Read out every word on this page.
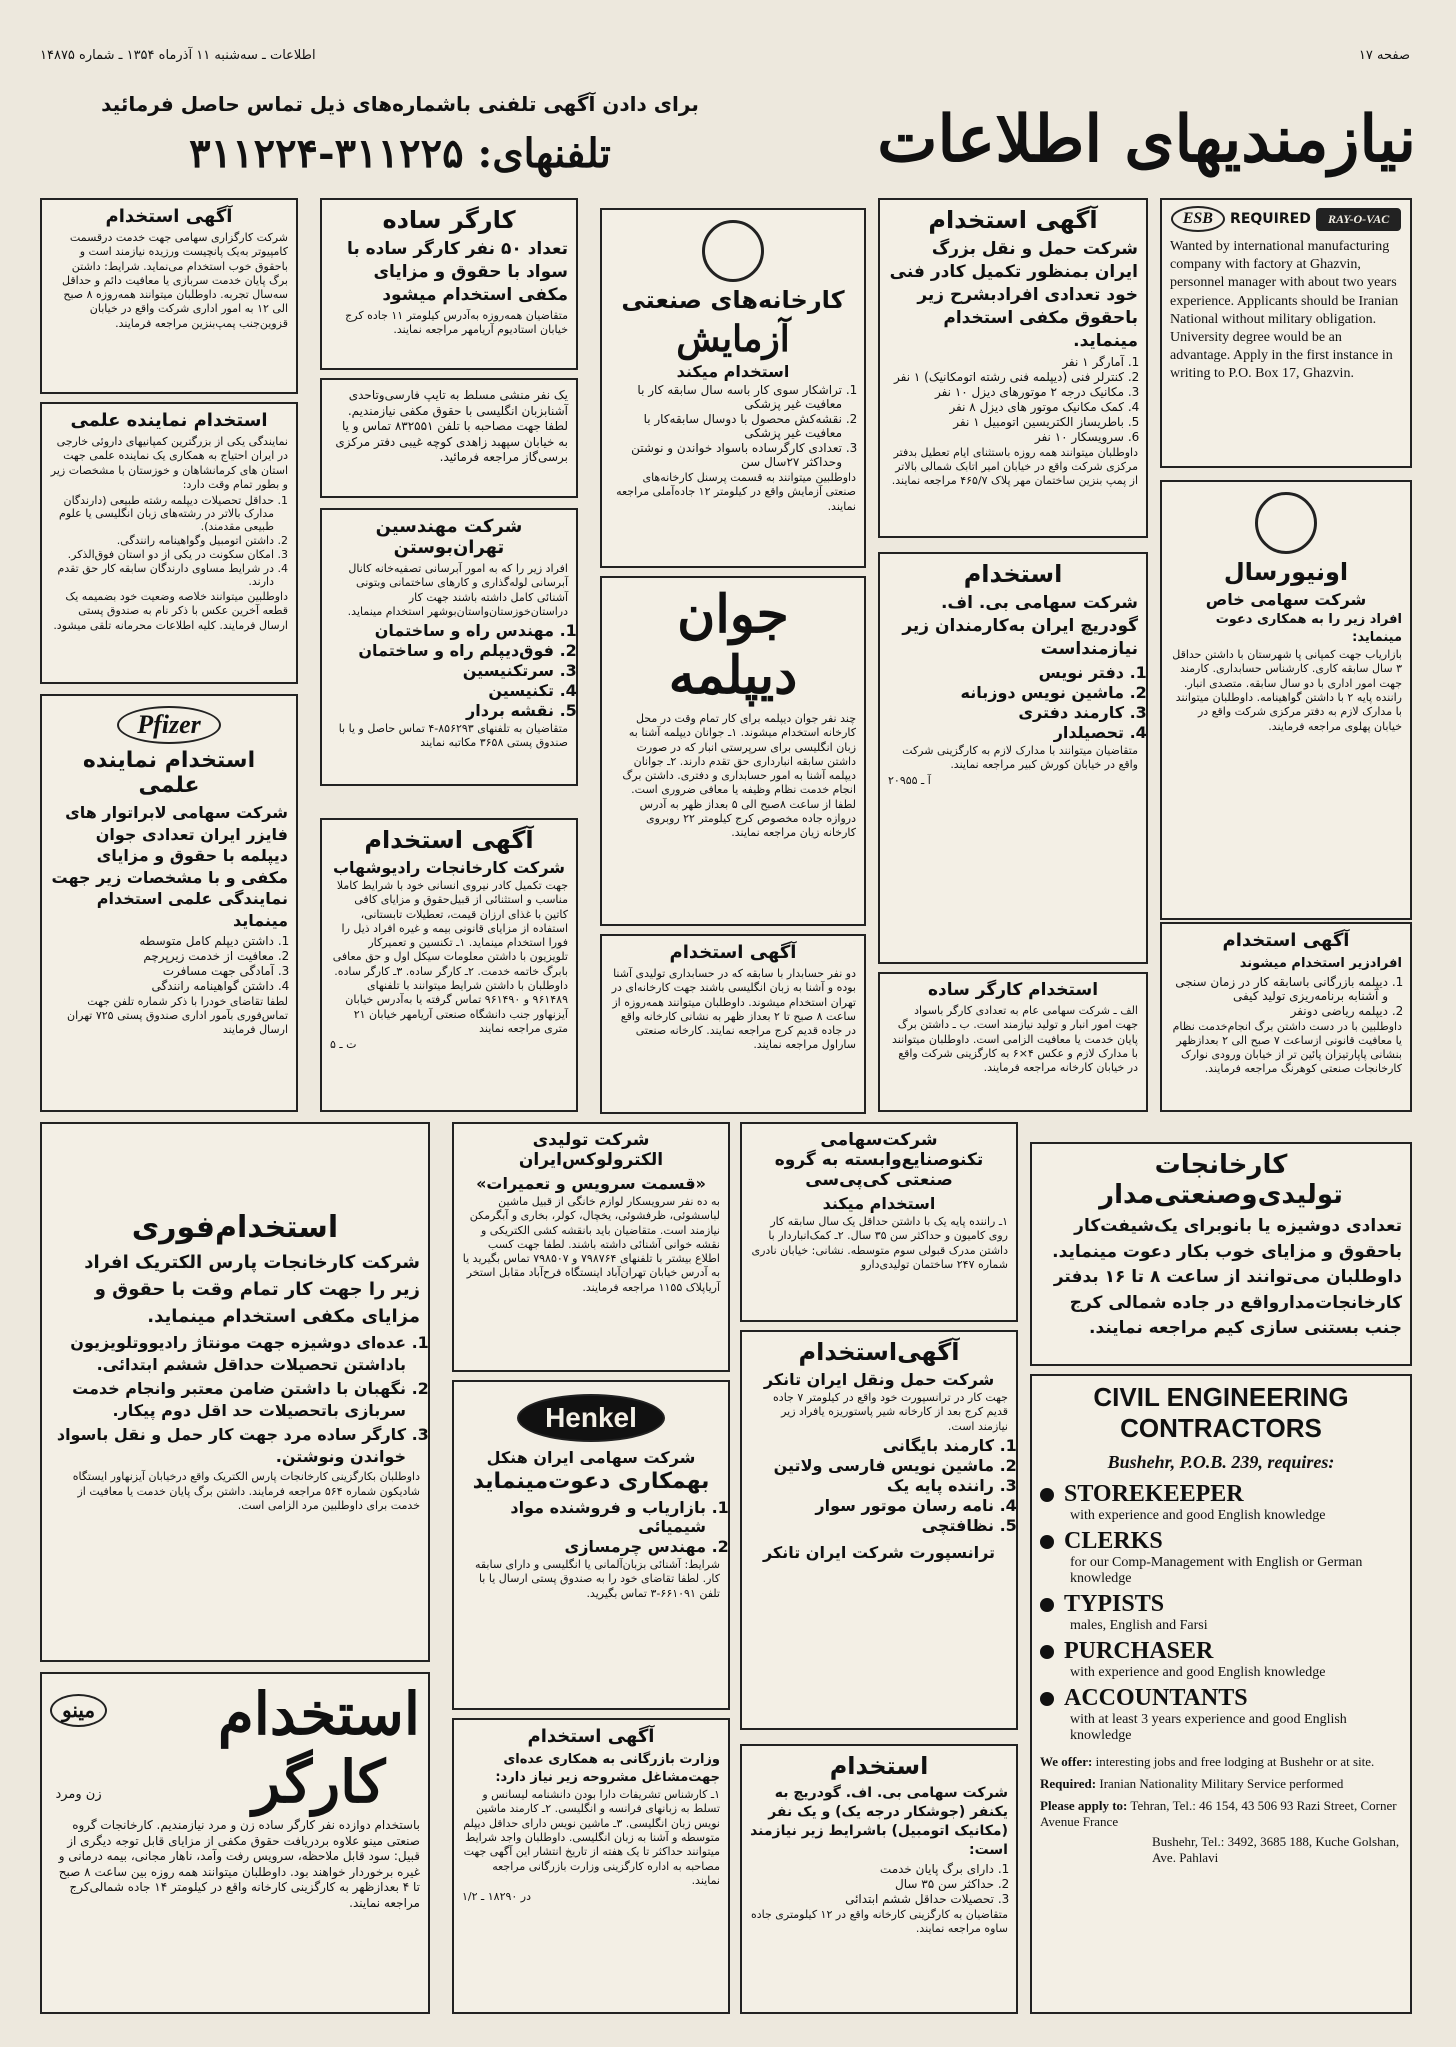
صفحه ۱۷
اطلاعات ـ سه‌شنبه ۱۱ آذرماه ۱۳۵۴ ـ شماره ۱۴۸۷۵
نیازمندیهای اطلاعات
برای دادن آگهی تلفنی باشماره‌های ذیل تماس حاصل فرمائید
تلفنهای: ۳۱۱۲۲۵-۳۱۱۲۲۴
ESB REQUIRED RAY-O-VAC

Wanted by international manufacturing company with factory at Ghazvin, personnel manager with about two years experience. Applicants should be Iranian National without military obligation. University degree would be an advantage. Apply in the first instance in writing to P.O. Box 17, Ghazvin.

اونیورسال
شرکت سهامی خاص

افراد زیر را به همکاری دعوت مینماید:

بازاریاب جهت کمپانی پا شهرستان با داشتن حداقل ۳ سال سابقه کاری. کارشناس حسابداری. کارمند جهت امور اداری با دو سال سابقه. متصدی انبار. راننده پایه ۲ با داشتن گواهینامه. داوطلبان میتوانند با مدارک لازم به دفتر مرکزی شرکت واقع در خیابان پهلوی مراجعه فرمایند.

آگهی استخدام

افرادزیر استخدام میشوند

1. دیپلمه بازرگانی باسابقه کار در زمان سنجی و آشنابه برنامه‌ریزی تولید کیفی
2. دیپلمه ریاضی دونفر

داوطلبین با در دست داشتن برگ انجام‌خدمت نظام یا معافیت قانونی ازساعت ۷ صبح الی ۲ بعدازظهر بنشانی پاپارتیزان پائین تر از خیابان ورودی نوارک کارخانجات صنعتی کوهرنگ مراجعه فرمایند.

آگهی استخدام

شرکت حمل و نقل بزرگ ایران بمنظور تکمیل کادر فنی خود تعدادی افرادبشرح زیر باحقوق مکفی استخدام مینماید.

1. آمارگر ۱ نفر
2. کنترلر فنی (دیپلمه فنی رشته اتومکانیک) ۱ نفر
3. مکانیک درجه ۲ موتورهای دیزل ۱۰ نفر
4. کمک مکانیک موتور های دیزل ۸ نفر
5. باطریساز الکتریسین اتومبیل ۱ نفر
6. سرویسکار ۱۰ نفر

داوطلبان میتوانند همه روزه باستثنای ایام تعطیل بدفتر مرکزی شرکت واقع در خیابان امیر اتابک شمالی بالاتر از پمپ بنزین ساختمان مهر پلاک ۴۶۵/۷ مراجعه نمایند.

استخدام

شرکت سهامی بی. اف. گودریچ ایران به‌کارمندان زیر نیازمنداست

1. دفتر نویس
2. ماشین نویس دوزبانه
3. کارمند دفتری
4. تحصیلدار

متقاضیان میتوانند با مدارک لازم به کارگزینی شرکت واقع در خیابان کورش کبیر مراجعه نمایند.

آ ـ ۲۰۹۵۵

استخدام کارگر ساده

الف ـ شرکت سهامی عام به تعدادی کارگر باسواد جهت امور انبار و تولید نیازمند است. ب ـ داشتن برگ پایان خدمت یا معافیت الزامی است. داوطلبان میتوانند با مدارک لازم و عکس ۴×۶ به کارگزینی شرکت واقع در خیابان کارخانه مراجعه فرمایند.

کارخانه‌های صنعتی
آزمایش
استخدام میکند
1. تراشکار سوی کار باسه سال سابقه کار با معافیت غیر پزشکی
2. نقشه‌کش محصول با دوسال سابقه‌کار با معافیت غیر پزشکی
3. تعدادی کارگرساده باسواد خواندن و نوشتن وحداکثر ۲۷سال سن

داوطلبین میتوانند به قسمت پرسنل کارخانه‌های صنعتی آزمایش واقع در کیلومتر ۱۲ جاده‌آملی مراجعه نمایند.

جوان
دیپلمه

چند نفر جوان دیپلمه برای کار تمام وقت در محل کارخانه استخدام میشوند. ۱ـ جوانان دیپلمه آشنا به زبان انگلیسی برای سرپرستی انبار که در صورت داشتن سابقه انبارداری حق تقدم دارند. ۲ـ جوانان دیپلمه آشنا به امور حسابداری و دفتری. داشتن برگ انجام خدمت نظام وظیفه یا معافی ضروری است. لطفا از ساعت ۸صبح الی ۵ بعداز ظهر به آدرس دروازه جاده مخصوص کرج کیلومتر ۲۲ روبروی کارخانه زیان مراجعه نمایند.

آگهی استخدام

دو نفر حسابدار با سابقه که در حسابداری تولیدی آشنا بوده و آشنا به زبان انگلیسی باشند جهت کارخانه‌ای در تهران استخدام میشوند. داوطلبان میتوانند همه‌روزه از ساعت ۸ صبح تا ۲ بعداز ظهر به نشانی کارخانه واقع در جاده قدیم کرج مراجعه نمایند. کارخانه صنعتی ساراول مراجعه نمایند.

کارگر ساده

تعداد ۵۰ نفر کارگر ساده با سواد با حقوق و مزایای مکفی استخدام میشود

متقاضیان همه‌روزه به‌آدرس کیلومتر ۱۱ جاده کرج خیابان استادیوم آریامهر مراجعه نمایند.

یک نفر منشی مسلط به تایپ فارسی‌وتاحدی آشنابزبان انگلیسی با حقوق مکفی نیازمندیم. لطفا جهت مصاحبه با تلفن ۸۳۲۵۵۱ تماس و یا به خیابان سپهبد زاهدی کوچه غیبی دفتر مرکزی برسی‌گاز مراجعه فرمائید.

شرکت مهندسین تهران‌بوستن

افراد زیر را که به امور آبرسانی تصفیه‌خانه کانال آبرسانی لوله‌گذاری و کارهای ساختمانی وبتونی آشنائی کامل داشته باشند جهت کار دراستان‌خوزستان‌واستان‌بوشهر استخدام مینماید.

1. مهندس راه و ساختمان
2. فوق‌دیپلم راه و ساختمان
3. سرتکنیسین
4. تکنیسین
5. نقشه بردار

متقاضیان به تلفنهای ۸۵۶۲۹۳-۴ تماس حاصل و یا با صندوق پستی ۳۶۵۸ مکاتبه نمایند

آگهی استخدام
شرکت کارخانجات رادیوشهاب

جهت تکمیل کادر نیروی انسانی خود با شرایط کاملا مناسب و استثنائی از قبیل‌حقوق و مزایای کافی کاتین با غذای ارزان قیمت، تعطیلات تابستانی، استفاده از مزایای قانونی بیمه و غیره افراد ذیل را فورا استخدام مینماید. ۱ـ تکنسین و تعمیرکار تلویزیون با داشتن معلومات سیکل اول و حق معافی بابرگ خاتمه خدمت. ۲ـ کارگر ساده. ۳ـ کارگر ساده. داوطلبان با داشتن شرایط میتوانند با تلفنهای ۹۶۱۴۸۹ و ۹۶۱۴۹۰ تماس گرفته یا به‌آدرس خیابان آیزنهاور جنب دانشگاه صنعتی آریامهر خیابان ۲۱ متری مراجعه نمایند

ت ـ ۵

آگهی استخدام

شرکت کارگزاری سهامی جهت خدمت درقسمت کامپیوتر به‌یک پانچیست ورزیده نیازمند است و باحقوق خوب استخدام می‌نماید. شرایط: داشتن برگ پایان خدمت سربازی یا معافیت دائم و حداقل سه‌سال تجربه. داوطلبان میتوانند همه‌روزه ۸ صبح الی ۱۲ به امور اداری شرکت واقع در خیابان قزوین‌جنب پمپ‌بنزین مراجعه فرمایند.

استخدام نماینده علمی

نمایندگی یکی از بزرگترین کمپانیهای داروئی خارجی در ایران احتیاج به همکاری یک نماینده علمی جهت استان های کرمانشاهان و خوزستان با مشخصات زیر و بطور تمام وقت دارد:

1. حداقل تحصیلات دیپلمه رشته طبیعی (دارندگان مدارک بالاتر در رشته‌های زبان انگلیسی یا علوم طبیعی مقدمند).
2. داشتن اتومبیل وگواهینامه رانندگی.
3. امکان سکونت در یکی از دو استان فوق‌الذکر.
4. در شرایط مساوی دارندگان سابقه کار حق تقدم دارند.

داوطلبین میتوانند خلاصه وضعیت خود بضمیمه یک قطعه آخرین عکس با ذکر نام به صندوق پستی ارسال فرمایند. کلیه اطلاعات محرمانه تلقی میشود.

Pfizer
استخدام نماینده علمی

شرکت سهامی لابراتوار های فایزر ایران تعدادی جوان دیپلمه با حقوق و مزایای مکفی و با مشخصات زیر جهت نمایندگی علمی استخدام مینماید

1. داشتن دیپلم کامل متوسطه
2. معافیت از خدمت زیرپرچم
3. آمادگی جهت مسافرت
4. داشتن گواهینامه رانندگی

لطفا تقاضای خودرا با ذکر شماره تلفن جهت تماس‌فوری بآمور اداری صندوق پستی ۷۲۵ تهران ارسال فرمایند

کارخانجات تولیدی‌وصنعتی‌مدار

تعدادی دوشیزه یا بانوبرای یک‌شیفت‌کار باحقوق و مزایای خوب بکار دعوت مینماید. داوطلبان می‌توانند از ساعت ۸ تا ۱۶ بدفتر کارخانجات‌مدارواقع در جاده شمالی کرج جنب بستنی سازی کیم مراجعه نمایند.

CIVIL ENGINEERING CONTRACTORS
Bushehr, P.O.B. 239, requires:
STOREKEEPER
with experience and good English knowledge
CLERKS
for our Comp-Management with English or German knowledge
TYPISTS
males, English and Farsi
PURCHASER
with experience and good English knowledge
ACCOUNTANTS
with at least 3 years experience and good English knowledge
We offer: interesting jobs and free lodging at Bushehr or at site.
Required: Iranian Nationality Military Service performed
Please apply to: Tehran, Tel.: 46 154, 43 506 93 Razi Street, Corner Avenue France
Bushehr, Tel.: 3492, 3685 188, Kuche Golshan, Ave. Pahlavi
شرکت‌سهامی تکنوصنایع‌وابسته به گروه صنعتی کی‌پی‌سی
استخدام میکند

۱ـ راننده پایه یک با داشتن حداقل یک سال سابقه کار روی کامیون و حداکثر سن ۳۵ سال. ۲ـ کمک‌انباردار با داشتن مدرک قبولی سوم متوسطه. نشانی: خیابان نادری شماره ۲۴۷ ساختمان تولیدی‌دارو

آگهی‌استخدام
شرکت حمل ونقل ایران تانکر

جهت کار در ترانسپورت خود واقع در کیلومتر ۷ جاده قدیم کرج بعد از کارخانه شیر پاستوریزه یافراد زیر نیازمند است.

1. کارمند بایگانی
2. ماشین نویس فارسی ولاتین
3. راننده پایه یک
4. نامه رسان موتور سوار
5. نظافتچی
ترانسپورت شرکت ایران تانکر
استخدام

شرکت سهامی بی. اف. گودریچ به یکنفر (جوشکار درجه یک) و یک نفر (مکانیک اتومبیل) باشرایط زیر نیازمند است:

1. دارای برگ پایان خدمت
2. حداکثر سن ۳۵ سال
3. تحصیلات حداقل ششم ابتدائی

متقاضیان به کارگزینی کارخانه واقع در ۱۲ کیلومتری جاده ساوه مراجعه نمایند.

شرکت تولیدی الکترولوکس‌ایران
«قسمت سرویس و تعمیرات»

به ده نفر سرویسکار لوازم خانگی از قبیل ماشین لباسشوئی، ظرفشوئی، یخچال، کولر، بخاری و آبگرمکن نیازمند است. متقاضیان باید بانقشه کشی الکتریکی و نقشه خوانی آشنائی داشته باشند. لطفا جهت کسب اطلاع بیشتر با تلفنهای ۷۹۸۷۶۴ و ۷۹۸۵۰۷ تماس بگیرید یا به آدرس خیابان تهران‌آباد اینستگاه فرح‌آباد مقابل استخر آریاپلاک ۱۱۵۵ مراجعه فرمایند.

Henkel
شرکت سهامی ایران هنکل
بهمکاری دعوت‌مینماید
1. بازاریاب و فروشنده مواد شیمیائی
2. مهندس چرمسازی

شرایط: آشنائی بزبان‌آلمانی یا انگلیسی و دارای سابقه کار. لطفا تقاضای خود را به صندوق پستی ارسال یا با تلفن ۶۶۱۰۹۱-۳ تماس بگیرید.

آگهی استخدام

وزارت بازرگانی به همکاری عده‌ای جهت‌مشاغل مشروحه زیر نیاز دارد:

۱ـ کارشناس تشریفات دارا بودن دانشنامه لیسانس و تسلط به زبانهای فرانسه و انگلیسی. ۲ـ کارمند ماشین نویس زبان انگلیسی. ۳ـ ماشین نویس دارای حداقل دیپلم متوسطه و آشنا به زبان انگلیسی. داوطلبان واجد شرایط میتوانند حداکثر تا یک هفته از تاریخ انتشار این آگهی جهت مصاحبه به اداره کارگزینی وزارت بازرگانی مراجعه نمایند.

در ۱۸۲۹۰ ـ ۱/۲

استخدام‌فوری

شرکت کارخانجات پارس الکتریک افراد زیر را جهت کار تمام وقت با حقوق و مزایای مکفی استخدام مینماید.

1. عده‌ای دوشیزه جهت مونتاژ رادیووتلویزیون باداشتن تحصیلات حداقل ششم ابتدائی.
2. نگهبان با داشتن ضامن معتبر وانجام خدمت سربازی باتحصیلات حد اقل دوم پیکار.
3. کارگر ساده مرد جهت کار حمل و نقل باسواد خواندن ونوشتن.

داوطلبان بکارگزینی کارخانجات پارس الکتریک واقع درخیابان آیزنهاور ایستگاه شادیکون شماره ۵۶۴ مراجعه فرمایند. داشتن برگ پایان خدمت یا معافیت از خدمت برای داوطلبین مرد الزامی است.

استخدام
کارگر
مینو
زن ومرد

باستخدام دوازده نفر کارگر ساده زن و مرد نیازمندیم. کارخانجات گروه صنعتی مینو علاوه بردریافت حقوق مکفی از مزایای قابل توجه دیگری از قبیل: سود قابل ملاحظه، سرویس رفت وآمد، ناهار مجانی، بیمه درمانی و غیره برخوردار خواهند بود. داوطلبان میتوانند همه روزه بین ساعت ۸ صبح تا ۴ بعدازظهر به کارگزینی کارخانه واقع در کیلومتر ۱۴ جاده شمالی‌کرج مراجعه نمایند.
